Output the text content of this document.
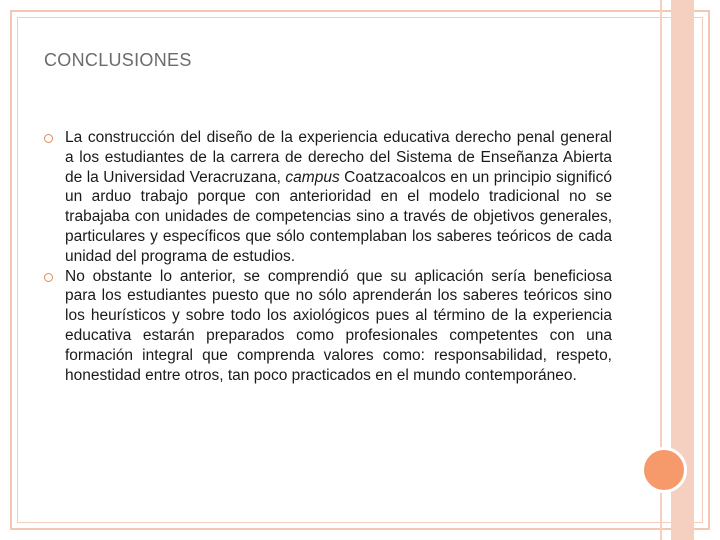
CONCLUSIONES
La construcción del diseño de la experiencia educativa derecho penal general a los estudiantes de la carrera de derecho del Sistema de Enseñanza Abierta de la Universidad Veracruzana, campus Coatzacoalcos en un principio significó un arduo trabajo porque con anterioridad en el modelo tradicional no se trabajaba con unidades de competencias sino a través de objetivos generales, particulares y específicos que sólo contemplaban los saberes teóricos de cada unidad del programa de estudios.
No obstante lo anterior, se comprendió que su aplicación sería beneficiosa para los estudiantes puesto que no sólo aprenderán los saberes teóricos sino los heurísticos y sobre todo los axiológicos pues al término de la experiencia educativa estarán preparados como profesionales competentes con una formación integral que comprenda valores como: responsabilidad, respeto, honestidad entre otros, tan poco practicados en el mundo contemporáneo.
